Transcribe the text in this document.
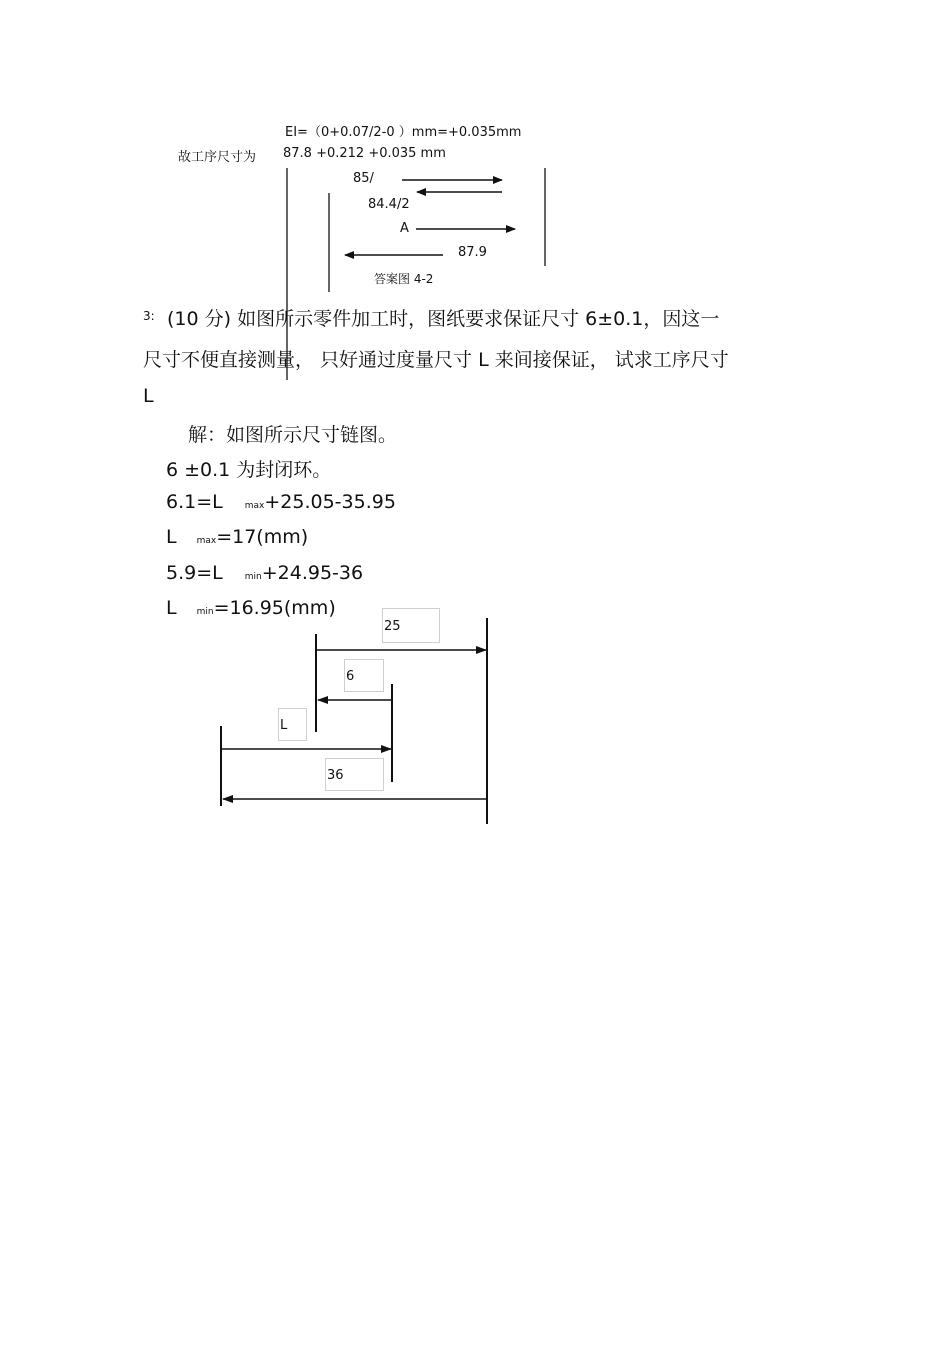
EI=（0+0.07/2-0 ）mm=+0.035mm
故工序尺寸为 87.8 +0.212 +0.035 mm
85/
84.4/2
A
87.9
答案图 4-2
3: (10 分) 如图所示零件加工时，图纸要求保证尺寸 6±0.1，因这一
尺寸不便直接测量， 只好通过度量尺寸 L 来间接保证， 试求工序尺寸
L
解：如图所示尺寸链图。
6 ±0.1 为封闭环。
6.1=L max+25.05-35.95
L max=17(mm)
5.9=L min+24.95-36
L min=16.95(mm)
25
6
L
36
